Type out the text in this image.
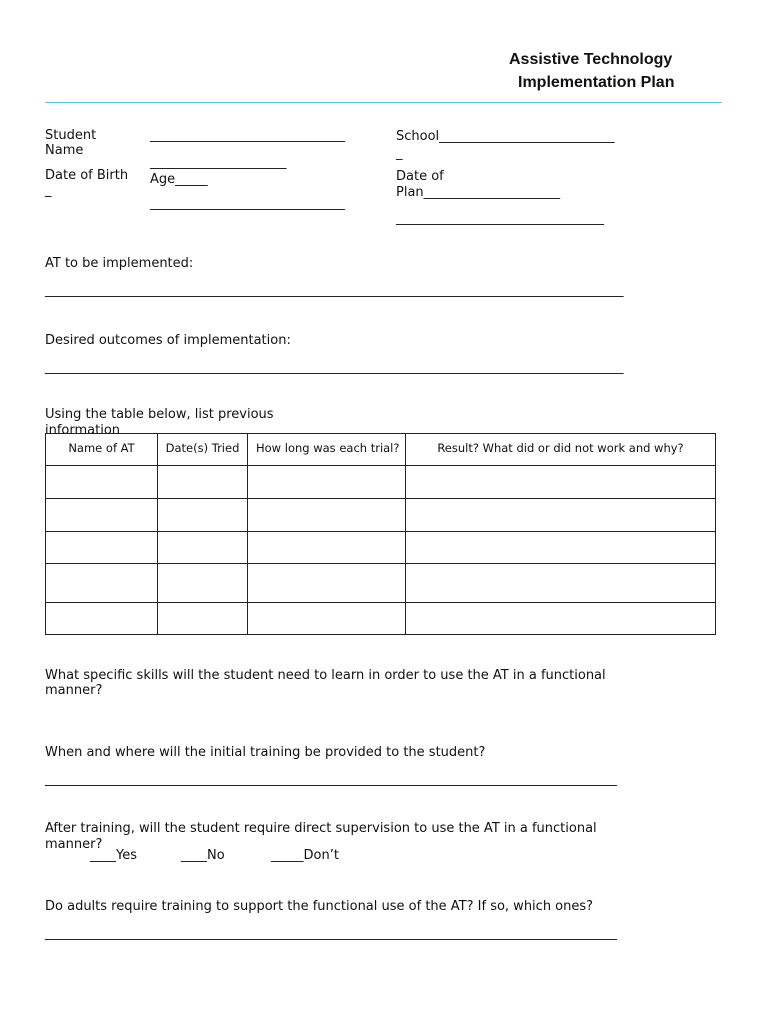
Assistive Technology
Implementation Plan
Student
Name
______________________________
_____________________
School___________________________
_
Date of Birth
_
Age_____
______________________________
Date of
Plan_____________________
________________________________
AT to be implemented:
_________________________________________________________________________________________
Desired outcomes of implementation:
_________________________________________________________________________________________
Using the table below, list previous
information
Name of AT	Date(s) Tried	How long was each trial?	Result? What did or did not work and why?

What specific skills will the student need to learn in order to use the AT in a functional
manner?
When and where will the initial training be provided to the student?
________________________________________________________________________________________
After training, will the student require direct supervision to use the AT in a functional
manner?
____Yes	____No	_____Don’t
Do adults require training to support the functional use of the AT? If so, which ones?
________________________________________________________________________________________
